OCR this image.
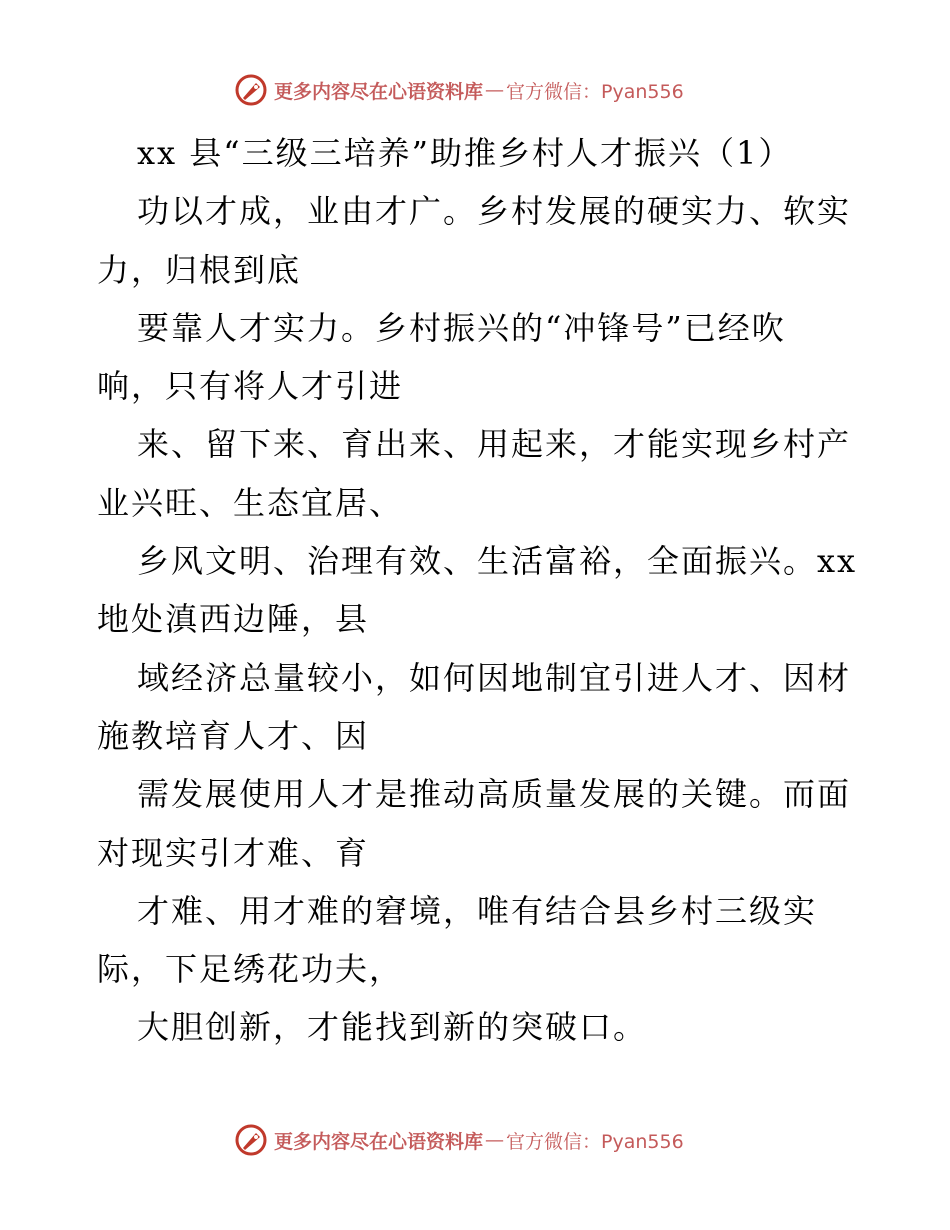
更多内容尽在心语资料库 — 官方微信：Pyan556
xx 县“三级三培养”助推乡村人才振兴（1）
功以才成，业由才广。乡村发展的硬实力、软实
力，归根到底
要靠人才实力。乡村振兴的“冲锋号”已经吹
响，只有将人才引进
来、留下来、育出来、用起来，才能实现乡村产
业兴旺、生态宜居、
乡风文明、治理有效、生活富裕，全面振兴。xx
地处滇西边陲，县
域经济总量较小，如何因地制宜引进人才、因材
施教培育人才、因
需发展使用人才是推动高质量发展的关键。而面
对现实引才难、育
才难、用才难的窘境，唯有结合县乡村三级实
际，下足绣花功夫，
大胆创新，才能找到新的突破口。
更多内容尽在心语资料库 — 官方微信：Pyan556
